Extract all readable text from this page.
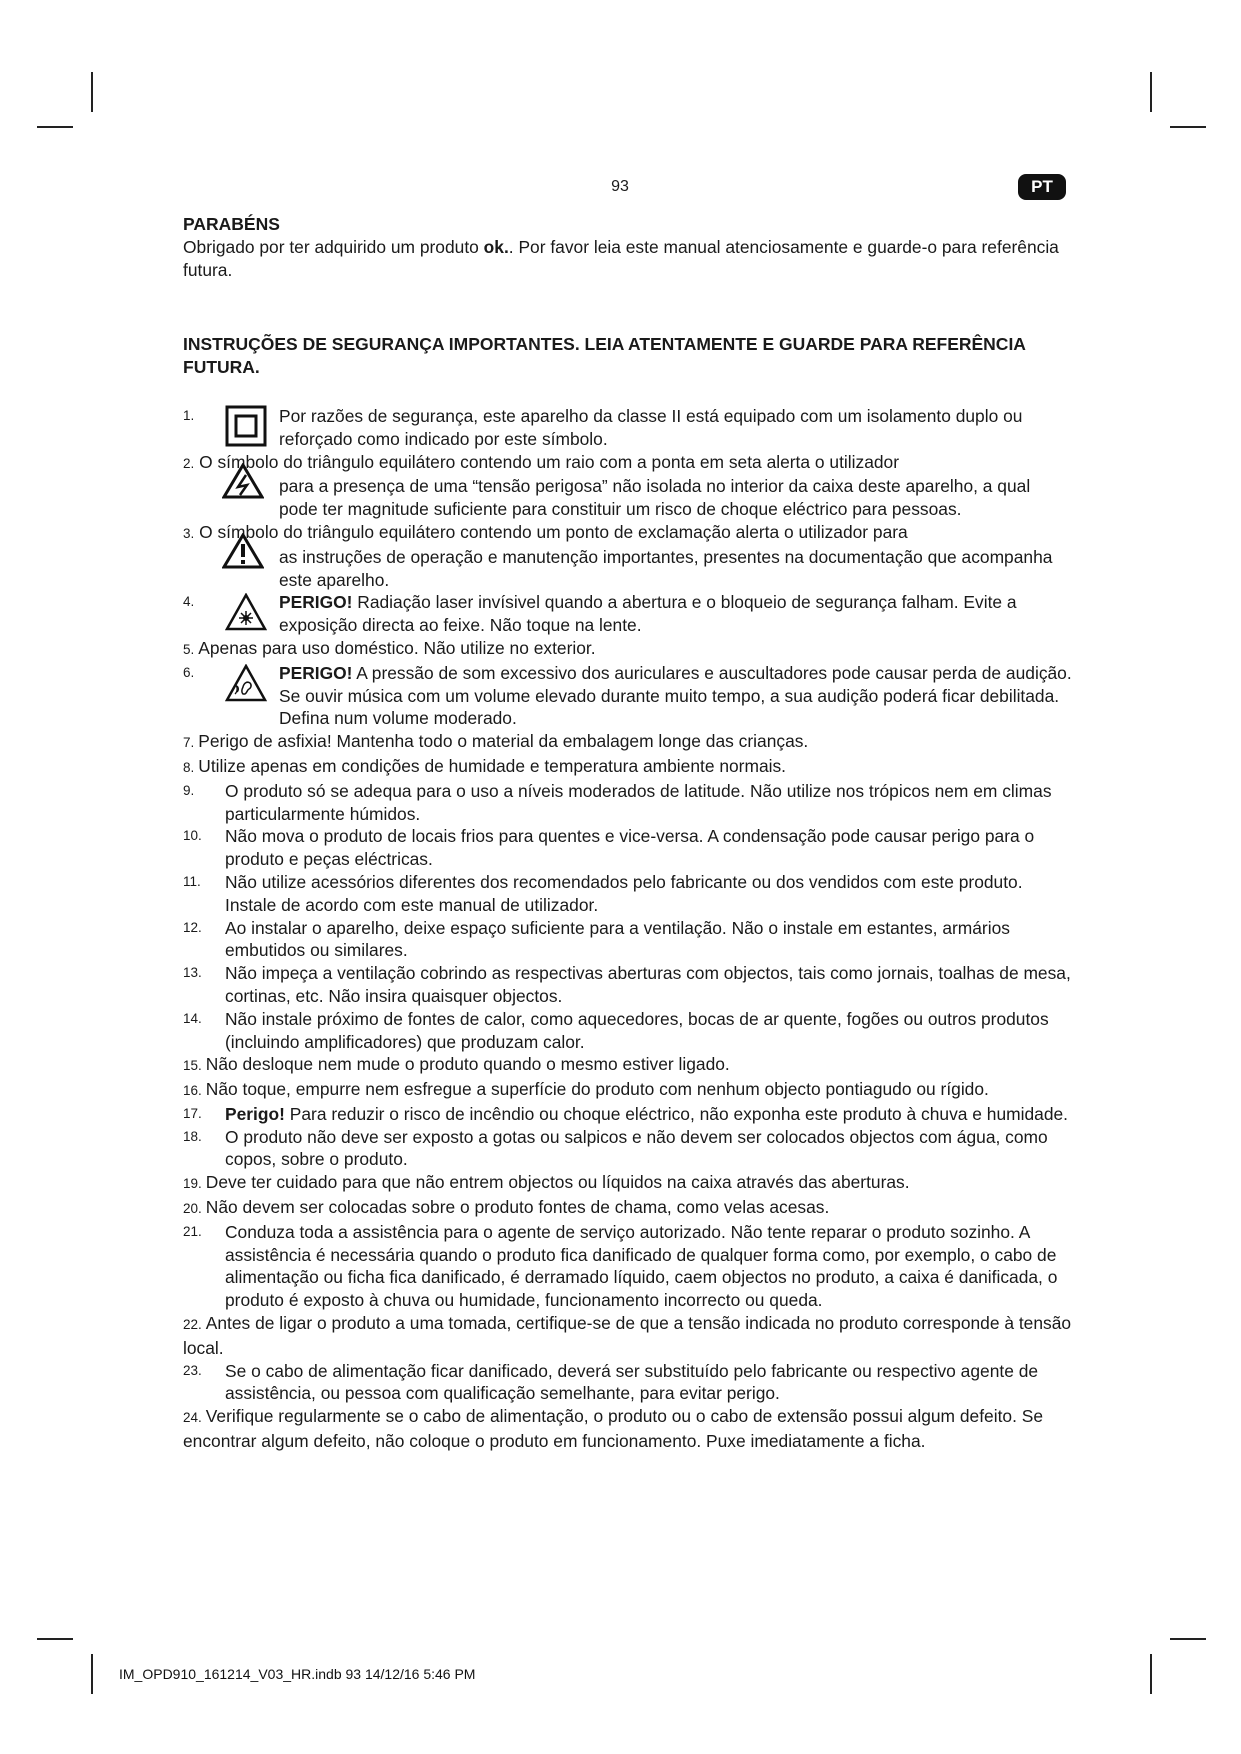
93	PT
PARABÉNS

Obrigado por ter adquirido um produto ok.. Por favor leia este manual atenciosamente e guarde-o para referência futura.

INSTRUÇÕES DE SEGURANÇA IMPORTANTES. LEIA ATENTAMENTE E GUARDE PARA REFERÊNCIA FUTURA.
1.	Por razões de segurança, este aparelho da classe II está equipado com um isolamento duplo ou reforçado como indicado por este símbolo.
2. O símbolo do triângulo equilátero contendo um raio com a ponta em seta alerta o utilizador
para a presença de uma “tensão perigosa” não isolada no interior da caixa deste aparelho, a qual pode ter magnitude suficiente para constituir um risco de choque eléctrico para pessoas.
3. O símbolo do triângulo equilátero contendo um ponto de exclamação alerta o utilizador para
as instruções de operação e manutenção importantes, presentes na documentação que acompanha este aparelho.
4.	PERIGO! Radiação laser invísivel quando a abertura e o bloqueio de segurança falham. Evite a exposição directa ao feixe. Não toque na lente.
5. Apenas para uso doméstico. Não utilize no exterior.
6.	PERIGO! A pressão de som excessivo dos auriculares e auscultadores pode causar perda de audição. Se ouvir música com um volume elevado durante muito tempo, a sua audição poderá ficar debilitada. Defina num volume moderado.
7. Perigo de asfixia! Mantenha todo o material da embalagem longe das crianças.
8. Utilize apenas em condições de humidade e temperatura ambiente normais.
9.	O produto só se adequa para o uso a níveis moderados de latitude. Não utilize nos trópicos nem em climas particularmente húmidos.
10. Não mova o produto de locais frios para quentes e vice-versa. A condensação pode causar perigo para o produto e peças eléctricas.
11. Não utilize acessórios diferentes dos recomendados pelo fabricante ou dos vendidos com este produto. Instale de acordo com este manual de utilizador.
12. Ao instalar o aparelho, deixe espaço suficiente para a ventilação. Não o instale em estantes, armários embutidos ou similares.
13. Não impeça a ventilação cobrindo as respectivas aberturas com objectos, tais como jornais, toalhas de mesa, cortinas, etc. Não insira quaisquer objectos.
14. Não instale próximo de fontes de calor, como aquecedores, bocas de ar quente, fogões ou outros produtos (incluindo amplificadores) que produzam calor.
15. Não desloque nem mude o produto quando o mesmo estiver ligado.
16. Não toque, empurre nem esfregue a superfície do produto com nenhum objecto pontiagudo ou rígido.
17. Perigo! Para reduzir o risco de incêndio ou choque eléctrico, não exponha este produto à chuva e humidade.
18. O produto não deve ser exposto a gotas ou salpicos e não devem ser colocados objectos com água, como copos, sobre o produto.
19. Deve ter cuidado para que não entrem objectos ou líquidos na caixa através das aberturas.
20. Não devem ser colocadas sobre o produto fontes de chama, como velas acesas.
21. Conduza toda a assistência para o agente de serviço autorizado. Não tente reparar o produto sozinho. A assistência é necessária quando o produto fica danificado de qualquer forma como, por exemplo, o cabo de alimentação ou ficha fica danificado, é derramado líquido, caem objectos no produto, a caixa é danificada, o produto é exposto à chuva ou humidade, funcionamento incorrecto ou queda.
22. Antes de ligar o produto a uma tomada, certifique-se de que a tensão indicada no produto corresponde à tensão local.
23. Se o cabo de alimentação ficar danificado, deverá ser substituído pelo fabricante ou respectivo agente de assistência, ou pessoa com qualificação semelhante, para evitar perigo.
24. Verifique regularmente se o cabo de alimentação, o produto ou o cabo de extensão possui algum defeito. Se encontrar algum defeito, não coloque o produto em funcionamento. Puxe imediatamente a ficha.
IM_OPD910_161214_V03_HR.indb 93 14/12/16 5:46 PM
